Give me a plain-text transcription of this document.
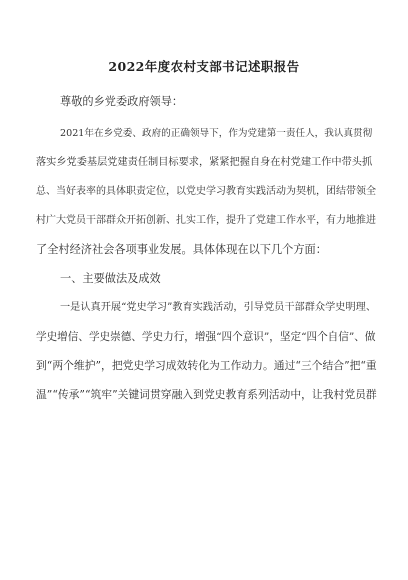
2022年度农村支部书记述职报告
尊敬的乡党委政府领导：
2021年在乡党委、政府的正确领导下，作为党建第一责任人，我认真贯彻
落实乡党委基层党建责任制目标要求，紧紧把握自身在村党建工作中带头抓
总、当好表率的具体职责定位，以党史学习教育实践活动为契机，团结带领全
村广大党员干部群众开拓创新、扎实工作，提升了党建工作水平，有力地推进
了全村经济社会各项事业发展。具体体现在以下几个方面：
一、主要做法及成效
一是认真开展“党史学习”教育实践活动，引导党员干部群众学史明理、
学史增信、学史崇德、学史力行，增强“四个意识”，坚定“四个自信”、做
到“两个维护”，把党史学习成效转化为工作动力。通过“三个结合”把“重
温”“传承”“筑牢”关键词贯穿融入到党史教育系列活动中，让我村党员群
